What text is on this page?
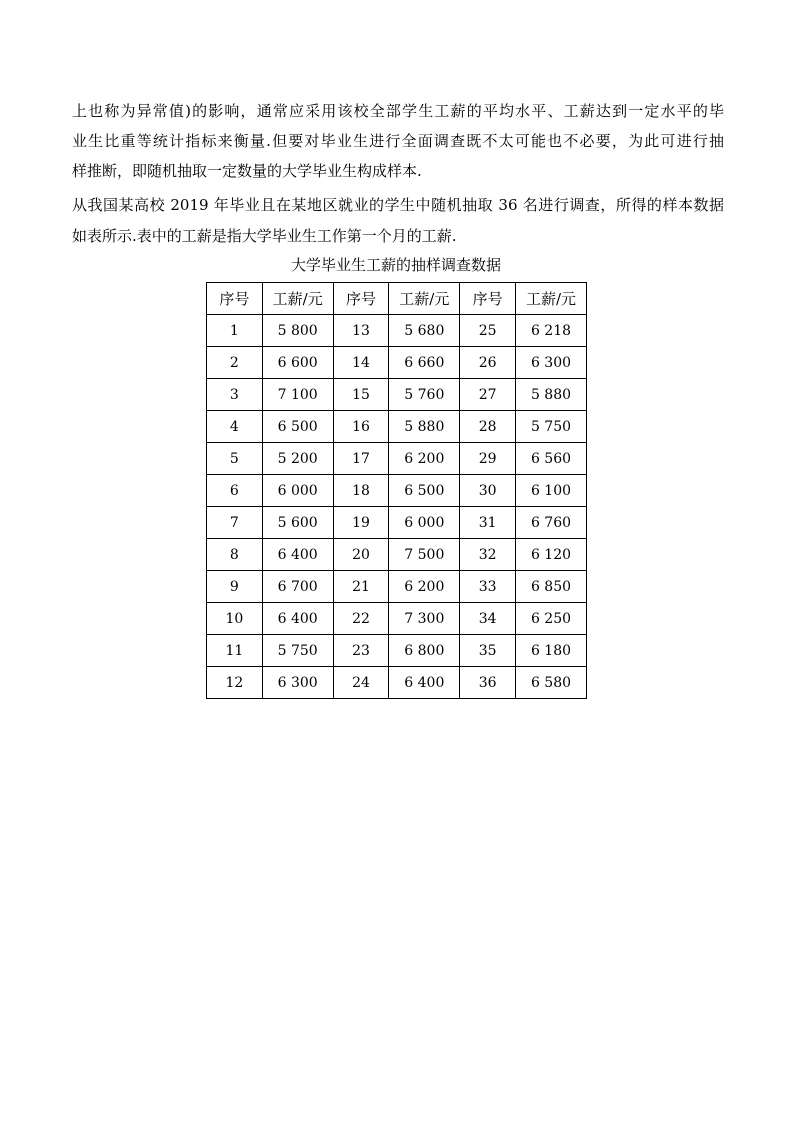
上也称为异常值)的影响，通常应采用该校全部学生工薪的平均水平、工薪达到一定水平的毕

业生比重等统计指标来衡量.但要对毕业生进行全面调查既不太可能也不必要，为此可进行抽

样推断，即随机抽取一定数量的大学毕业生构成样本.

从我国某高校 2019 年毕业且在某地区就业的学生中随机抽取 36 名进行调查，所得的样本数据

如表所示.表中的工薪是指大学毕业生工作第一个月的工薪.

大学毕业生工薪的抽样调查数据
序号	工薪/元	序号	工薪/元	序号	工薪/元
1	5 800	13	5 680	25	6 218
2	6 600	14	6 660	26	6 300
3	7 100	15	5 760	27	5 880
4	6 500	16	5 880	28	5 750
5	5 200	17	6 200	29	6 560
6	6 000	18	6 500	30	6 100
7	5 600	19	6 000	31	6 760
8	6 400	20	7 500	32	6 120
9	6 700	21	6 200	33	6 850
10	6 400	22	7 300	34	6 250
11	5 750	23	6 800	35	6 180
12	6 300	24	6 400	36	6 580
